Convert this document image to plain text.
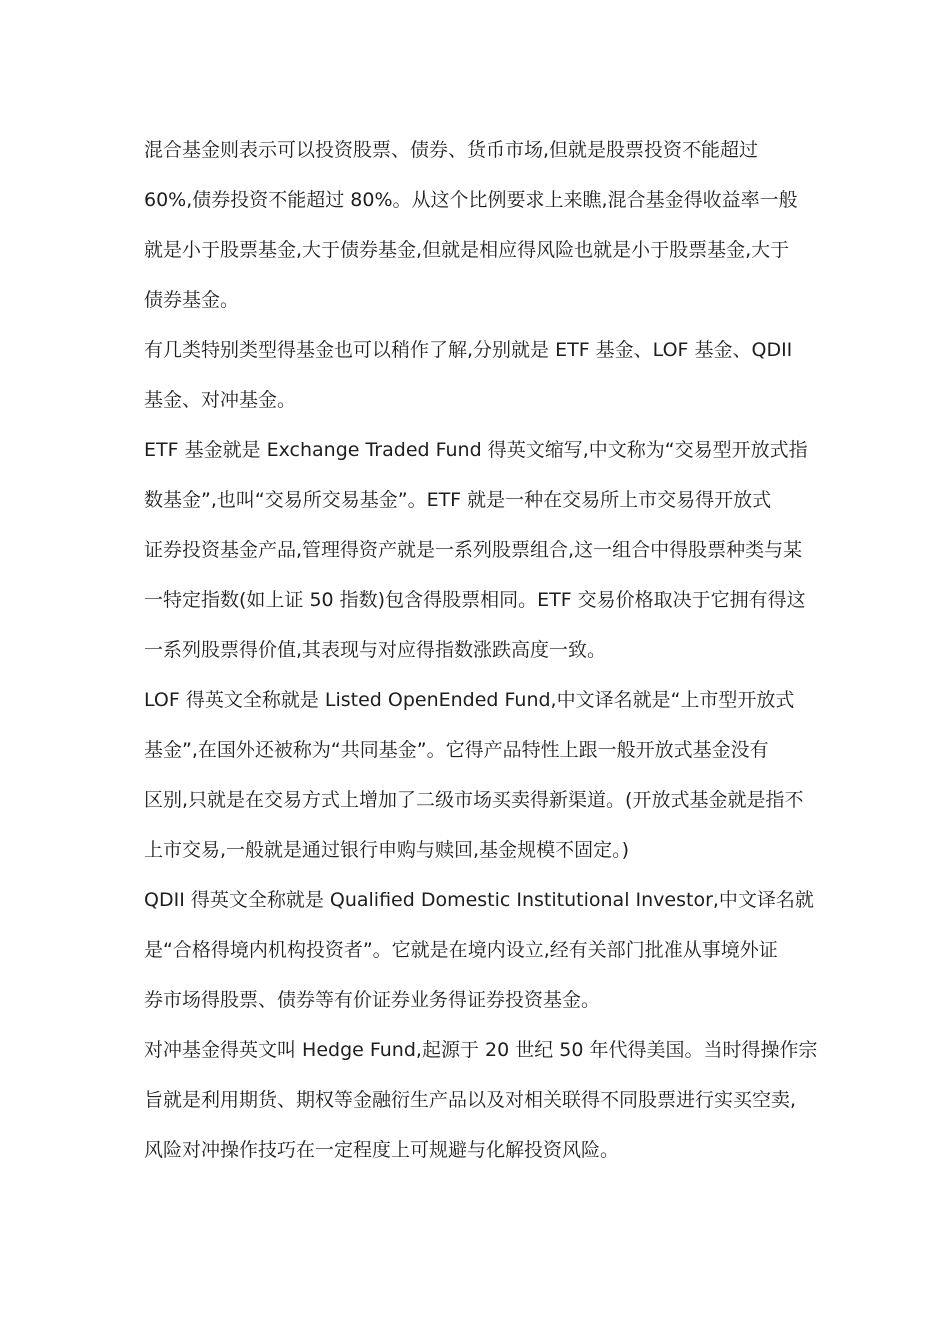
混合基金则表示可以投资股票、债券、货币市场,但就是股票投资不能超过
60%,债券投资不能超过 80%。从这个比例要求上来瞧,混合基金得收益率一般
就是小于股票基金,大于债券基金,但就是相应得风险也就是小于股票基金,大于
债券基金。
有几类特别类型得基金也可以稍作了解,分别就是 ETF 基金、LOF 基金、QDII
基金、对冲基金。
ETF 基金就是 Exchange Traded Fund 得英文缩写,中文称为“交易型开放式指
数基金”,也叫“交易所交易基金”。ETF 就是一种在交易所上市交易得开放式
证券投资基金产品,管理得资产就是一系列股票组合,这一组合中得股票种类与某
一特定指数(如上证 50 指数)包含得股票相同。ETF 交易价格取决于它拥有得这
一系列股票得价值,其表现与对应得指数涨跌高度一致。
LOF 得英文全称就是 Listed OpenEnded Fund,中文译名就是“上市型开放式
基金”,在国外还被称为“共同基金”。它得产品特性上跟一般开放式基金没有
区别,只就是在交易方式上增加了二级市场买卖得新渠道。(开放式基金就是指不
上市交易,一般就是通过银行申购与赎回,基金规模不固定。)
QDII 得英文全称就是 Qualified Domestic Institutional Investor,中文译名就
是“合格得境内机构投资者”。它就是在境内设立,经有关部门批准从事境外证
券市场得股票、债券等有价证券业务得证券投资基金。
对冲基金得英文叫 Hedge Fund,起源于 20 世纪 50 年代得美国。当时得操作宗
旨就是利用期货、期权等金融衍生产品以及对相关联得不同股票进行实买空卖,
风险对冲操作技巧在一定程度上可规避与化解投资风险。
